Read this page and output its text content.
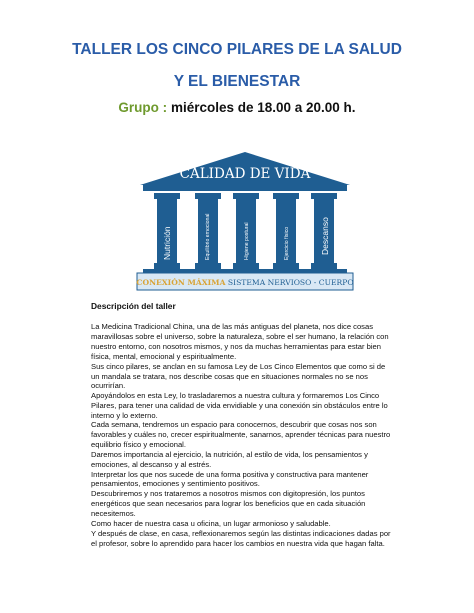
TALLER LOS CINCO PILARES DE LA SALUD
Y EL BIENESTAR
Grupo : miércoles de 18.00 a 20.00 h.
CALIDAD DE VIDA
Nutrición	Equilibrio emocional	Higiene postural	Ejercicio físico	Descanso
CONEXIÓN MÁXIMA SISTEMA NERVIOSO - CUERPO
Descripción del taller

La Medicina Tradicional China, una de las más antiguas del planeta, nos dice cosas maravillosas sobre el universo, sobre la naturaleza, sobre el ser humano, la relación con nuestro entorno, con nosotros mismos, y nos da muchas herramientas para estar bien física, mental, emocional y espiritualmente.

Sus cinco pilares, se anclan en su famosa Ley de Los Cinco Elementos que como si de un mandala se tratara, nos describe cosas que en situaciones normales no se nos ocurrirían.

Apoyándolos en esta Ley, lo trasladaremos a nuestra cultura y formaremos Los Cinco Pilares, para tener una calidad de vida envidiable y una conexión sin obstáculos entre lo interno y lo externo.

Cada semana, tendremos un espacio para conocernos, descubrir que cosas nos son favorables y cuáles no, crecer espiritualmente, sanarnos, aprender técnicas para nuestro equilibrio físico y emocional.

Daremos importancia al ejercicio, la nutrición, al estilo de vida, los pensamientos y emociones, al descanso y al estrés.

Interpretar los que nos sucede de una forma positiva y constructiva para mantener pensamientos, emociones y sentimiento positivos.

Descubriremos y nos trataremos a nosotros mismos con digitopresión, los puntos energéticos que sean necesarios para lograr los beneficios que en cada situación necesitemos.

Como hacer de nuestra casa u oficina, un lugar armonioso y saludable.

Y después de clase, en casa, reflexionaremos según las distintas indicaciones dadas por el profesor, sobre lo aprendido para hacer los cambios en nuestra vida que hagan falta.
